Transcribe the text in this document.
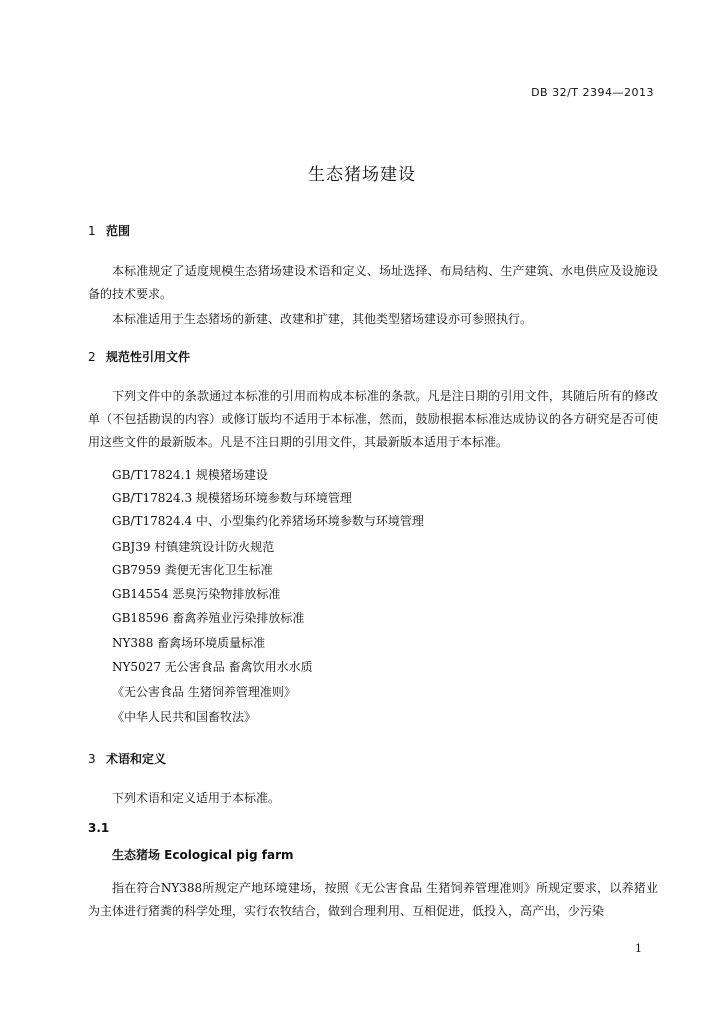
DB 32/T 2394—2013
生态猪场建设
1 范围
本标准规定了适度规模生态猪场建设术语和定义、场址选择、布局结构、生产建筑、水电供应及设施设备的技术要求。
本标准适用于生态猪场的新建、改建和扩建，其他类型猪场建设亦可参照执行。
2 规范性引用文件
下列文件中的条款通过本标准的引用而构成本标准的条款。凡是注日期的引用文件，其随后所有的修改单（不包括勘误的内容）或修订版均不适用于本标准，然而，鼓励根据本标准达成协议的各方研究是否可使用这些文件的最新版本。凡是不注日期的引用文件，其最新版本适用于本标准。
GB/T17824.1 规模猪场建设
GB/T17824.3 规模猪场环境参数与环境管理
GB/T17824.4 中、小型集约化养猪场环境参数与环境管理
GBJ39 村镇建筑设计防火规范
GB7959 粪便无害化卫生标准
GB14554 恶臭污染物排放标准
GB18596 畜禽养殖业污染排放标准
NY388 畜禽场环境质量标准
NY5027 无公害食品 畜禽饮用水水质
《无公害食品 生猪饲养管理准则》
《中华人民共和国畜牧法》
3 术语和定义
下列术语和定义适用于本标准。
3.1
生态猪场 Ecological pig farm
指在符合NY388所规定产地环境建场，按照《无公害食品 生猪饲养管理准则》所规定要求，以养猪业为主体进行猪粪的科学处理，实行农牧结合，做到合理利用、互相促进，低投入，高产出，少污染
1
